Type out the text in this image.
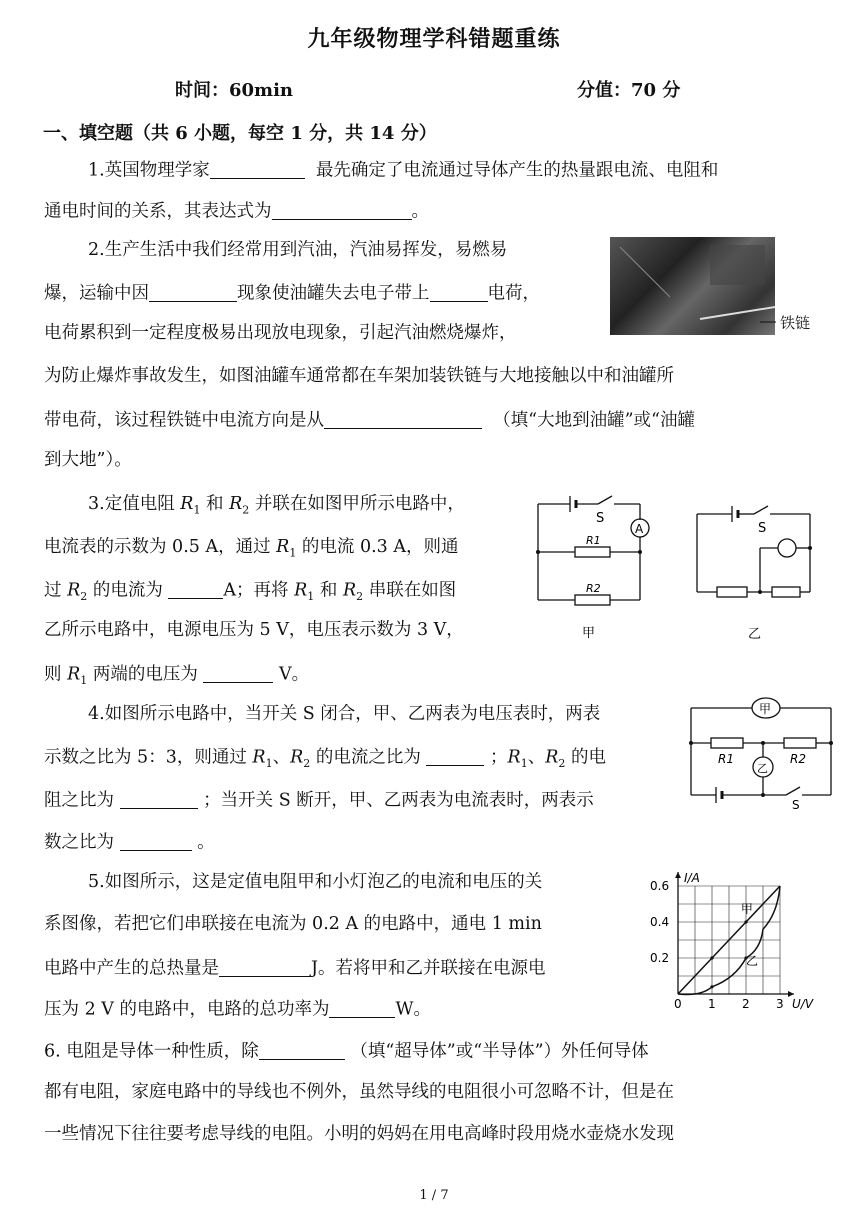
九年级物理学科错题重练
时间：60min	分值：70 分
一、填空题（共 6 小题，每空 1 分，共 14 分）
1.英国物理学家	最先确定了电流通过导体产生的热量跟电流、电阻和
通电时间的关系，其表达式为	。
2.生产生活中我们经常用到汽油，汽油易挥发，易燃易
爆，运输中因	现象使油罐失去电子带上	电荷，
电荷累积到一定程度极易出现放电现象，引起汽油燃烧爆炸，
为防止爆炸事故发生，如图油罐车通常都在车架加装铁链与大地接触以中和油罐所
带电荷，该过程铁链中电流方向是从	（填“大地到油罐”或“油罐
到大地”）。
铁链
3.定值电阻 $R_1$ 和 $R_2$ 并联在如图甲所示电路中，
电流表的示数为 0.5 A，通过 $R_1$ 的电流 0.3 A，则通
过 $R_2$ 的电流为	A；再将 $R_1$ 和 $R_2$ 串联在如图
乙所示电路中，电源电压为 5 V，电压表示数为 3 V，
则 $R_1$ 两端的电压为	V。
S
A
R1
R2
甲
S
乙
4.如图所示电路中，当开关 S 闭合，甲、乙两表为电压表时，两表
示数之比为 5：3，则通过 $R_1$、$R_2$ 的电流之比为	；$R_1$、$R_2$ 的电
阻之比为	；当开关 S 断开，甲、乙两表为电流表时，两表示
数之比为	。
甲
乙
R1	R2
S
5.如图所示，这是定值电阻甲和小灯泡乙的电流和电压的关
系图像，若把它们串联接在电流为 0.2 A 的电路中，通电 1 min
电路中产生的总热量是	J。若将甲和乙并联接在电源电
压为 2 V 的电路中，电路的总功率为	W。	0 1 2 3
0.2
0.4
0.6
U/V
I/A
甲
乙
6. 电阻是导体一种性质，除	（填“超导体”或“半导体”）外任何导体
都有电阻，家庭电路中的导线也不例外，虽然导线的电阻很小可忽略不计，但是在
一些情况下往往要考虑导线的电阻。小明的妈妈在用电高峰时段用烧水壶烧水发现
1 / 7
